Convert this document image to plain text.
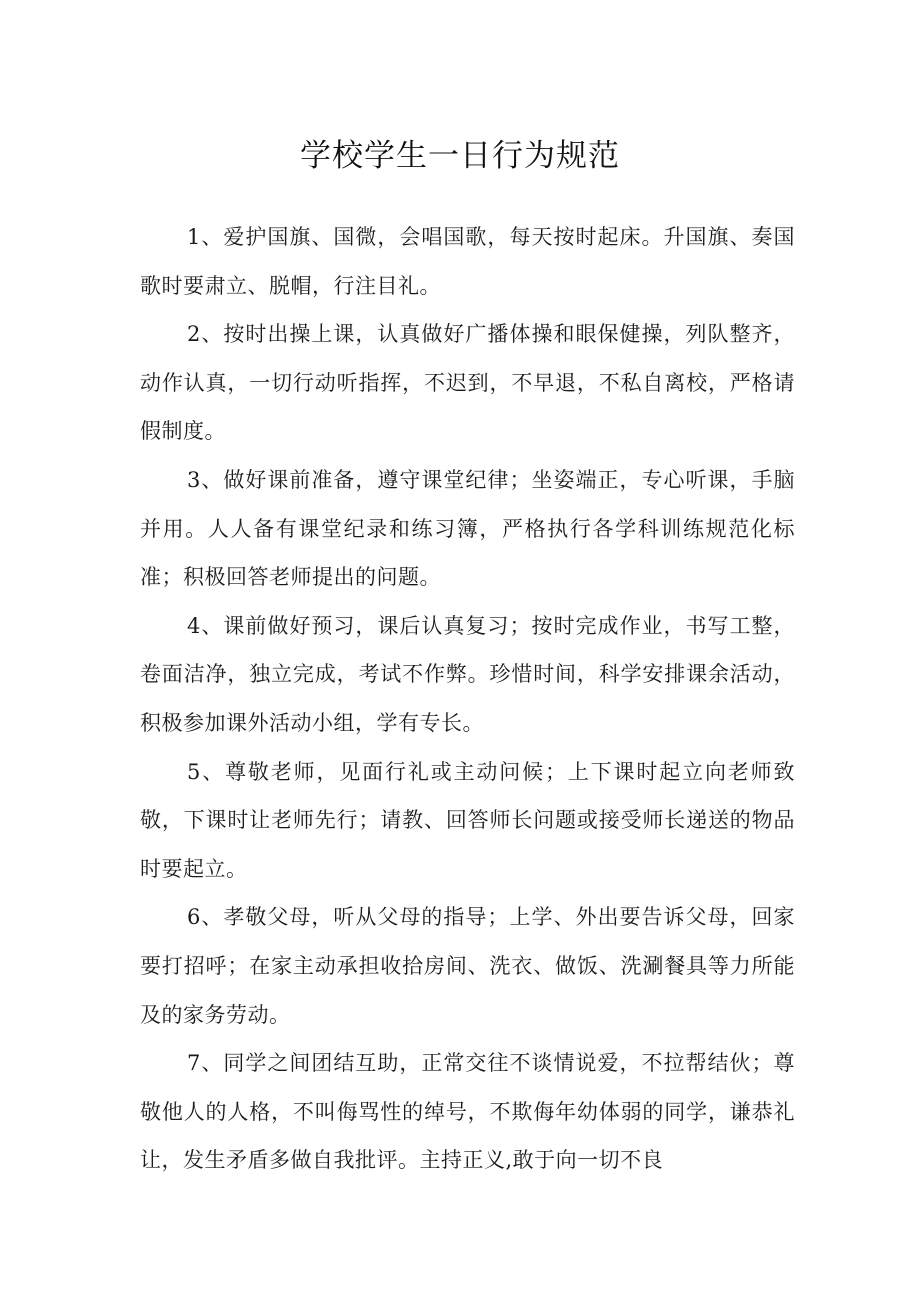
学校学生一日行为规范

1、爱护国旗、国微，会唱国歌，每天按时起床。升国旗、奏国歌时要肃立、脱帽，行注目礼。

2、按时出操上课，认真做好广播体操和眼保健操，列队整齐，动作认真，一切行动听指挥，不迟到，不早退，不私自离校，严格请假制度。

3、做好课前准备，遵守课堂纪律；坐姿端正，专心听课，手脑并用。人人备有课堂纪录和练习簿，严格执行各学科训练规范化标准；积极回答老师提出的问题。

4、课前做好预习，课后认真复习；按时完成作业，书写工整，卷面洁净，独立完成，考试不作弊。珍惜时间，科学安排课余活动，积极参加课外活动小组，学有专长。

5、尊敬老师，见面行礼或主动问候；上下课时起立向老师致敬，下课时让老师先行；请教、回答师长问题或接受师长递送的物品时要起立。

6、孝敬父母，听从父母的指导；上学、外出要告诉父母，回家要打招呼；在家主动承担收拾房间、洗衣、做饭、洗涮餐具等力所能及的家务劳动。

7、同学之间团结互助，正常交往不谈情说爱，不拉帮结伙；尊敬他人的人格，不叫侮骂性的绰号，不欺侮年幼体弱的同学，谦恭礼让，发生矛盾多做自我批评。主持正义,敢于向一切不良
